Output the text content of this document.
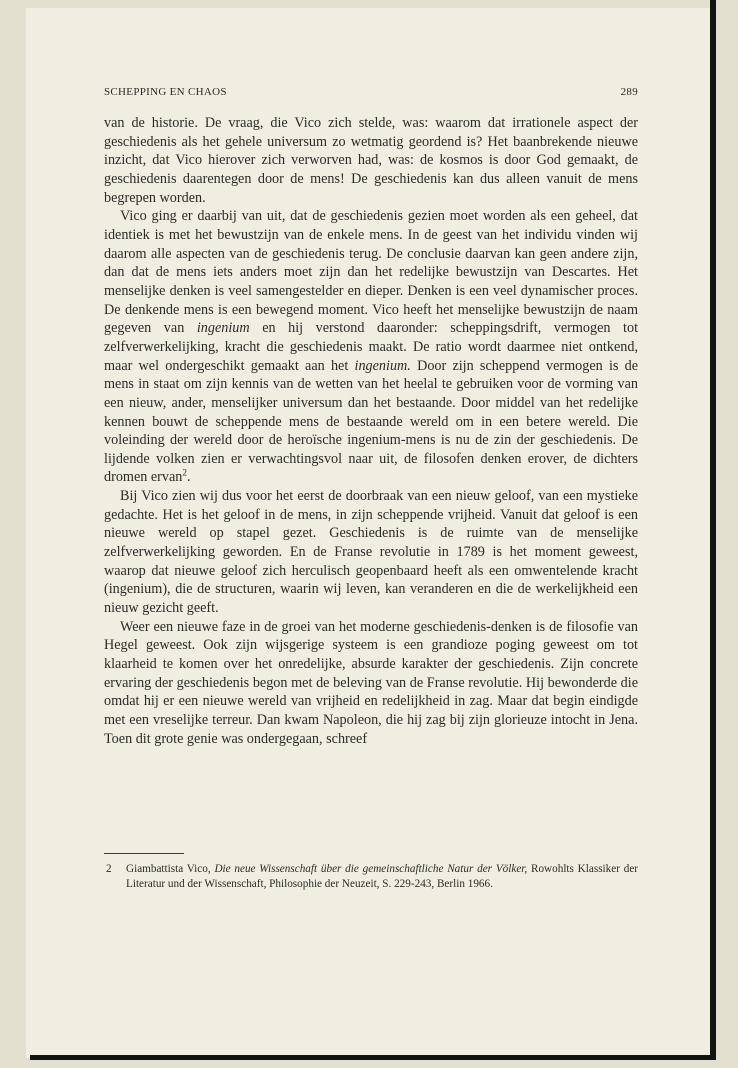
SCHEPPING EN CHAOS	289

van de historie. De vraag, die Vico zich stelde, was: waarom dat irrationele aspect der geschiedenis als het gehele universum zo wetmatig geordend is? Het baanbrekende nieuwe inzicht, dat Vico hierover zich verworven had, was: de kosmos is door God gemaakt, de geschiedenis daarentegen door de mens! De geschiedenis kan dus alleen vanuit de mens begrepen worden.

Vico ging er daarbij van uit, dat de geschiedenis gezien moet worden als een geheel, dat identiek is met het bewustzijn van de enkele mens. In de geest van het individu vinden wij daarom alle aspecten van de geschiedenis terug. De conclusie daarvan kan geen andere zijn, dan dat de mens iets anders moet zijn dan het redelijke bewustzijn van Descartes. Het menselijke denken is veel samengestelder en dieper. Denken is een veel dynamischer proces. De denkende mens is een bewegend moment. Vico heeft het menselijke bewustzijn de naam gegeven van ingenium en hij verstond daaronder: scheppingsdrift, vermogen tot zelfverwerkelijking, kracht die geschiedenis maakt. De ratio wordt daarmee niet ontkend, maar wel ondergeschikt gemaakt aan het ingenium. Door zijn scheppend vermogen is de mens in staat om zijn kennis van de wetten van het heelal te gebruiken voor de vorming van een nieuw, ander, menselijker universum dan het bestaande. Door middel van het redelijke kennen bouwt de scheppende mens de bestaande wereld om in een betere wereld. Die voleinding der wereld door de heroïsche ingenium-mens is nu de zin der geschiedenis. De lijdende volken zien er verwachtingsvol naar uit, de filosofen denken erover, de dichters dromen ervan$^2$.

Bij Vico zien wij dus voor het eerst de doorbraak van een nieuw geloof, van een mystieke gedachte. Het is het geloof in de mens, in zijn scheppende vrijheid. Vanuit dat geloof is een nieuwe wereld op stapel gezet. Geschiedenis is de ruimte van de menselijke zelfverwerkelijking geworden. En de Franse revolutie in 1789 is het moment geweest, waarop dat nieuwe geloof zich herculisch geopenbaard heeft als een omwentelende kracht (ingenium), die de structuren, waarin wij leven, kan veranderen en die de werkelijkheid een nieuw gezicht geeft.

Weer een nieuwe faze in de groei van het moderne geschiedenis-denken is de filosofie van Hegel geweest. Ook zijn wijsgerige systeem is een grandioze poging geweest om tot klaarheid te komen over het onredelijke, absurde karakter der geschiedenis. Zijn concrete ervaring der geschiedenis begon met de beleving van de Franse revolutie. Hij bewonderde die omdat hij er een nieuwe wereld van vrijheid en redelijkheid in zag. Maar dat begin eindigde met een vreselijke terreur. Dan kwam Napoleon, die hij zag bij zijn glorieuze intocht in Jena. Toen dit grote genie was ondergegaan, schreef

2 Giambattista Vico, Die neue Wissenschaft über die gemeinschaftliche Natur der Völker, Rowohlts Klassiker der Literatur und der Wissenschaft, Philosophie der Neuzeit, S. 229-243, Berlin 1966.
